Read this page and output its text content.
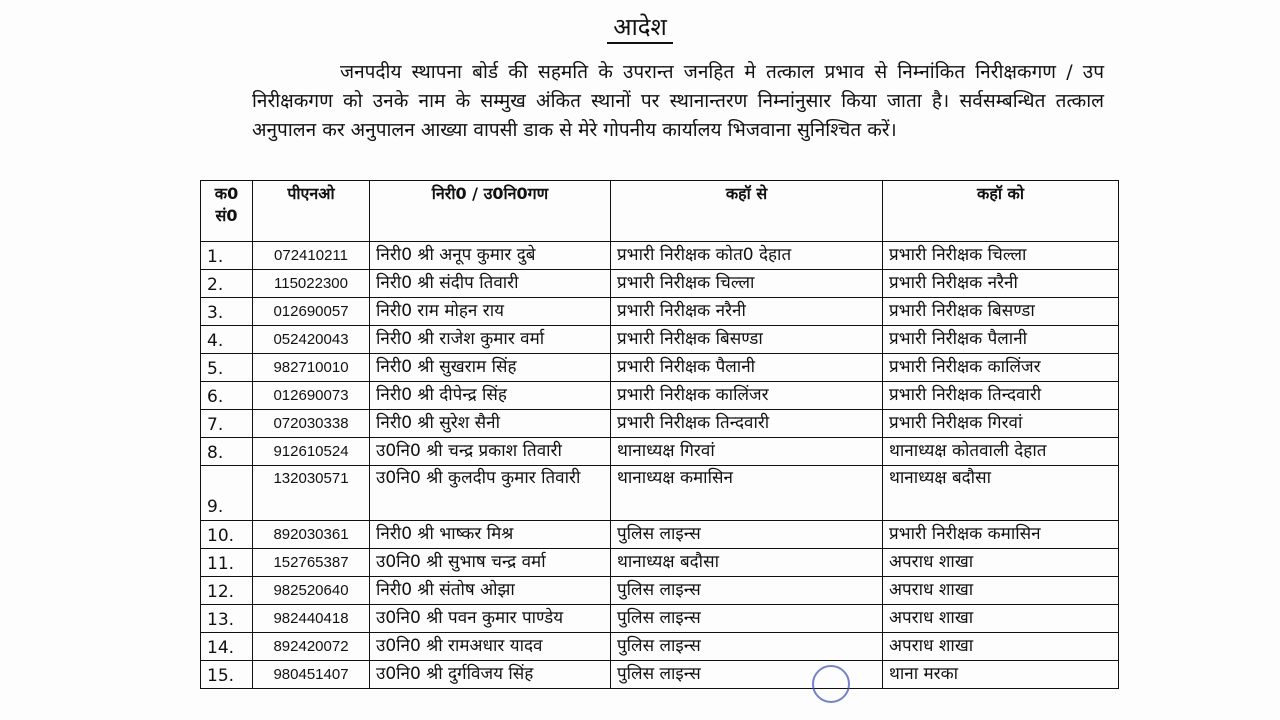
आदेश
जनपदीय स्थापना बोर्ड की सहमति के उपरान्त जनहित मे तत्काल प्रभाव से निम्नांकित निरीक्षकगण / उप निरीक्षकगण को उनके नाम के सम्मुख अंकित स्थानों पर स्थानान्तरण निम्नांनुसार किया जाता है। सर्वसम्बन्धित तत्काल अनुपालन कर अनुपालन आख्या वापसी डाक से मेरे गोपनीय कार्यालय भिजवाना सुनिश्चित करें।
क0 सं0	पीएनओ	निरी0 / उ0नि0गण	कहॉ से	कहॉ को
1.	072410211	निरी0 श्री अनूप कुमार दुबे	प्रभारी निरीक्षक कोत0 देहात	प्रभारी निरीक्षक चिल्ला
2.	115022300	निरी0 श्री संदीप तिवारी	प्रभारी निरीक्षक चिल्ला	प्रभारी निरीक्षक नरैनी
3.	012690057	निरी0 राम मोहन राय	प्रभारी निरीक्षक नरैनी	प्रभारी निरीक्षक बिसण्डा
4.	052420043	निरी0 श्री राजेश कुमार वर्मा	प्रभारी निरीक्षक बिसण्डा	प्रभारी निरीक्षक पैलानी
5.	982710010	निरी0 श्री सुखराम सिंह	प्रभारी निरीक्षक पैलानी	प्रभारी निरीक्षक कालिंजर
6.	012690073	निरी0 श्री दीपेन्द्र सिंह	प्रभारी निरीक्षक कालिंजर	प्रभारी निरीक्षक तिन्दवारी
7.	072030338	निरी0 श्री सुरेश सैनी	प्रभारी निरीक्षक तिन्दवारी	प्रभारी निरीक्षक गिरवां
8.	912610524	उ0नि0 श्री चन्द्र प्रकाश तिवारी	थानाध्यक्ष गिरवां	थानाध्यक्ष कोतवाली देहात
9.	132030571	उ0नि0 श्री कुलदीप कुमार तिवारी	थानाध्यक्ष कमासिन	थानाध्यक्ष बदौसा
10.	892030361	निरी0 श्री भाष्कर मिश्र	पुलिस लाइन्स	प्रभारी निरीक्षक कमासिन
11.	152765387	उ0नि0 श्री सुभाष चन्द्र वर्मा	थानाध्यक्ष बदौसा	अपराध शाखा
12.	982520640	निरी0 श्री संतोष ओझा	पुलिस लाइन्स	अपराध शाखा
13.	982440418	उ0नि0 श्री पवन कुमार पाण्डेय	पुलिस लाइन्स	अपराध शाखा
14.	892420072	उ0नि0 श्री रामअधार यादव	पुलिस लाइन्स	अपराध शाखा
15.	980451407	उ0नि0 श्री दुर्गविजय सिंह	पुलिस लाइन्स	थाना मरका
